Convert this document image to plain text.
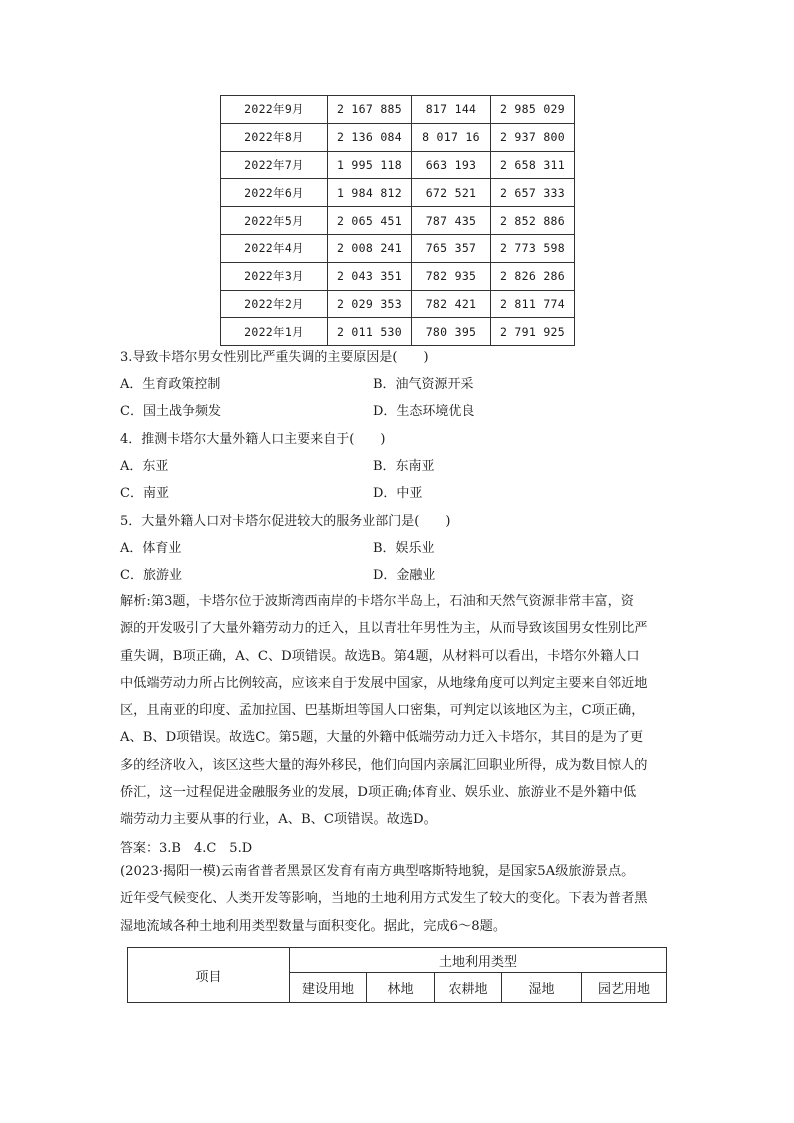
2022年9月	2 167 885	817 144	2 985 029
2022年8月	2 136 084	8 017 16	2 937 800
2022年7月	1 995 118	663 193	2 658 311
2022年6月	1 984 812	672 521	2 657 333
2022年5月	2 065 451	787 435	2 852 886
2022年4月	2 008 241	765 357	2 773 598
2022年3月	2 043 351	782 935	2 826 286
2022年2月	2 029 353	782 421	2 811 774
2022年1月	2 011 530	780 395	2 791 925
3.导致卡塔尔男女性别比严重失调的主要原因是(　　)
A．生育政策控制	B．油气资源开采
C．国土战争频发	D．生态环境优良
4．推测卡塔尔大量外籍人口主要来自于(　　)
A．东亚	B．东南亚
C．南亚	D．中亚
5．大量外籍人口对卡塔尔促进较大的服务业部门是(　　)
A．体育业	B．娱乐业
C．旅游业	D．金融业

解析:第3题，卡塔尔位于波斯湾西南岸的卡塔尔半岛上，石油和天然气资源非常丰富，资

源的开发吸引了大量外籍劳动力的迁入，且以青壮年男性为主，从而导致该国男女性别比严

重失调，B项正确，A、C、D项错误。故选B。第4题，从材料可以看出，卡塔尔外籍人口

中低端劳动力所占比例较高，应该来自于发展中国家，从地缘角度可以判定主要来自邻近地

区，且南亚的印度、孟加拉国、巴基斯坦等国人口密集，可判定以该地区为主，C项正确，

A、B、D项错误。故选C。第5题，大量的外籍中低端劳动力迁入卡塔尔，其目的是为了更

多的经济收入，该区这些大量的海外移民，他们向国内亲属汇回职业所得，成为数目惊人的

侨汇，这一过程促进金融服务业的发展，D项正确;体育业、娱乐业、旅游业不是外籍中低

端劳动力主要从事的行业，A、B、C项错误。故选D。

答案：3.B　4.C　5.D

(2023·揭阳一模)云南省普者黑景区发育有南方典型喀斯特地貌，是国家5A级旅游景点。

近年受气候变化、人类开发等影响，当地的土地利用方式发生了较大的变化。下表为普者黑

湿地流域各种土地利用类型数量与面积变化。据此，完成6～8题。

项目	土地利用类型				
	建设用地	林地	农耕地	湿地	园艺用地
